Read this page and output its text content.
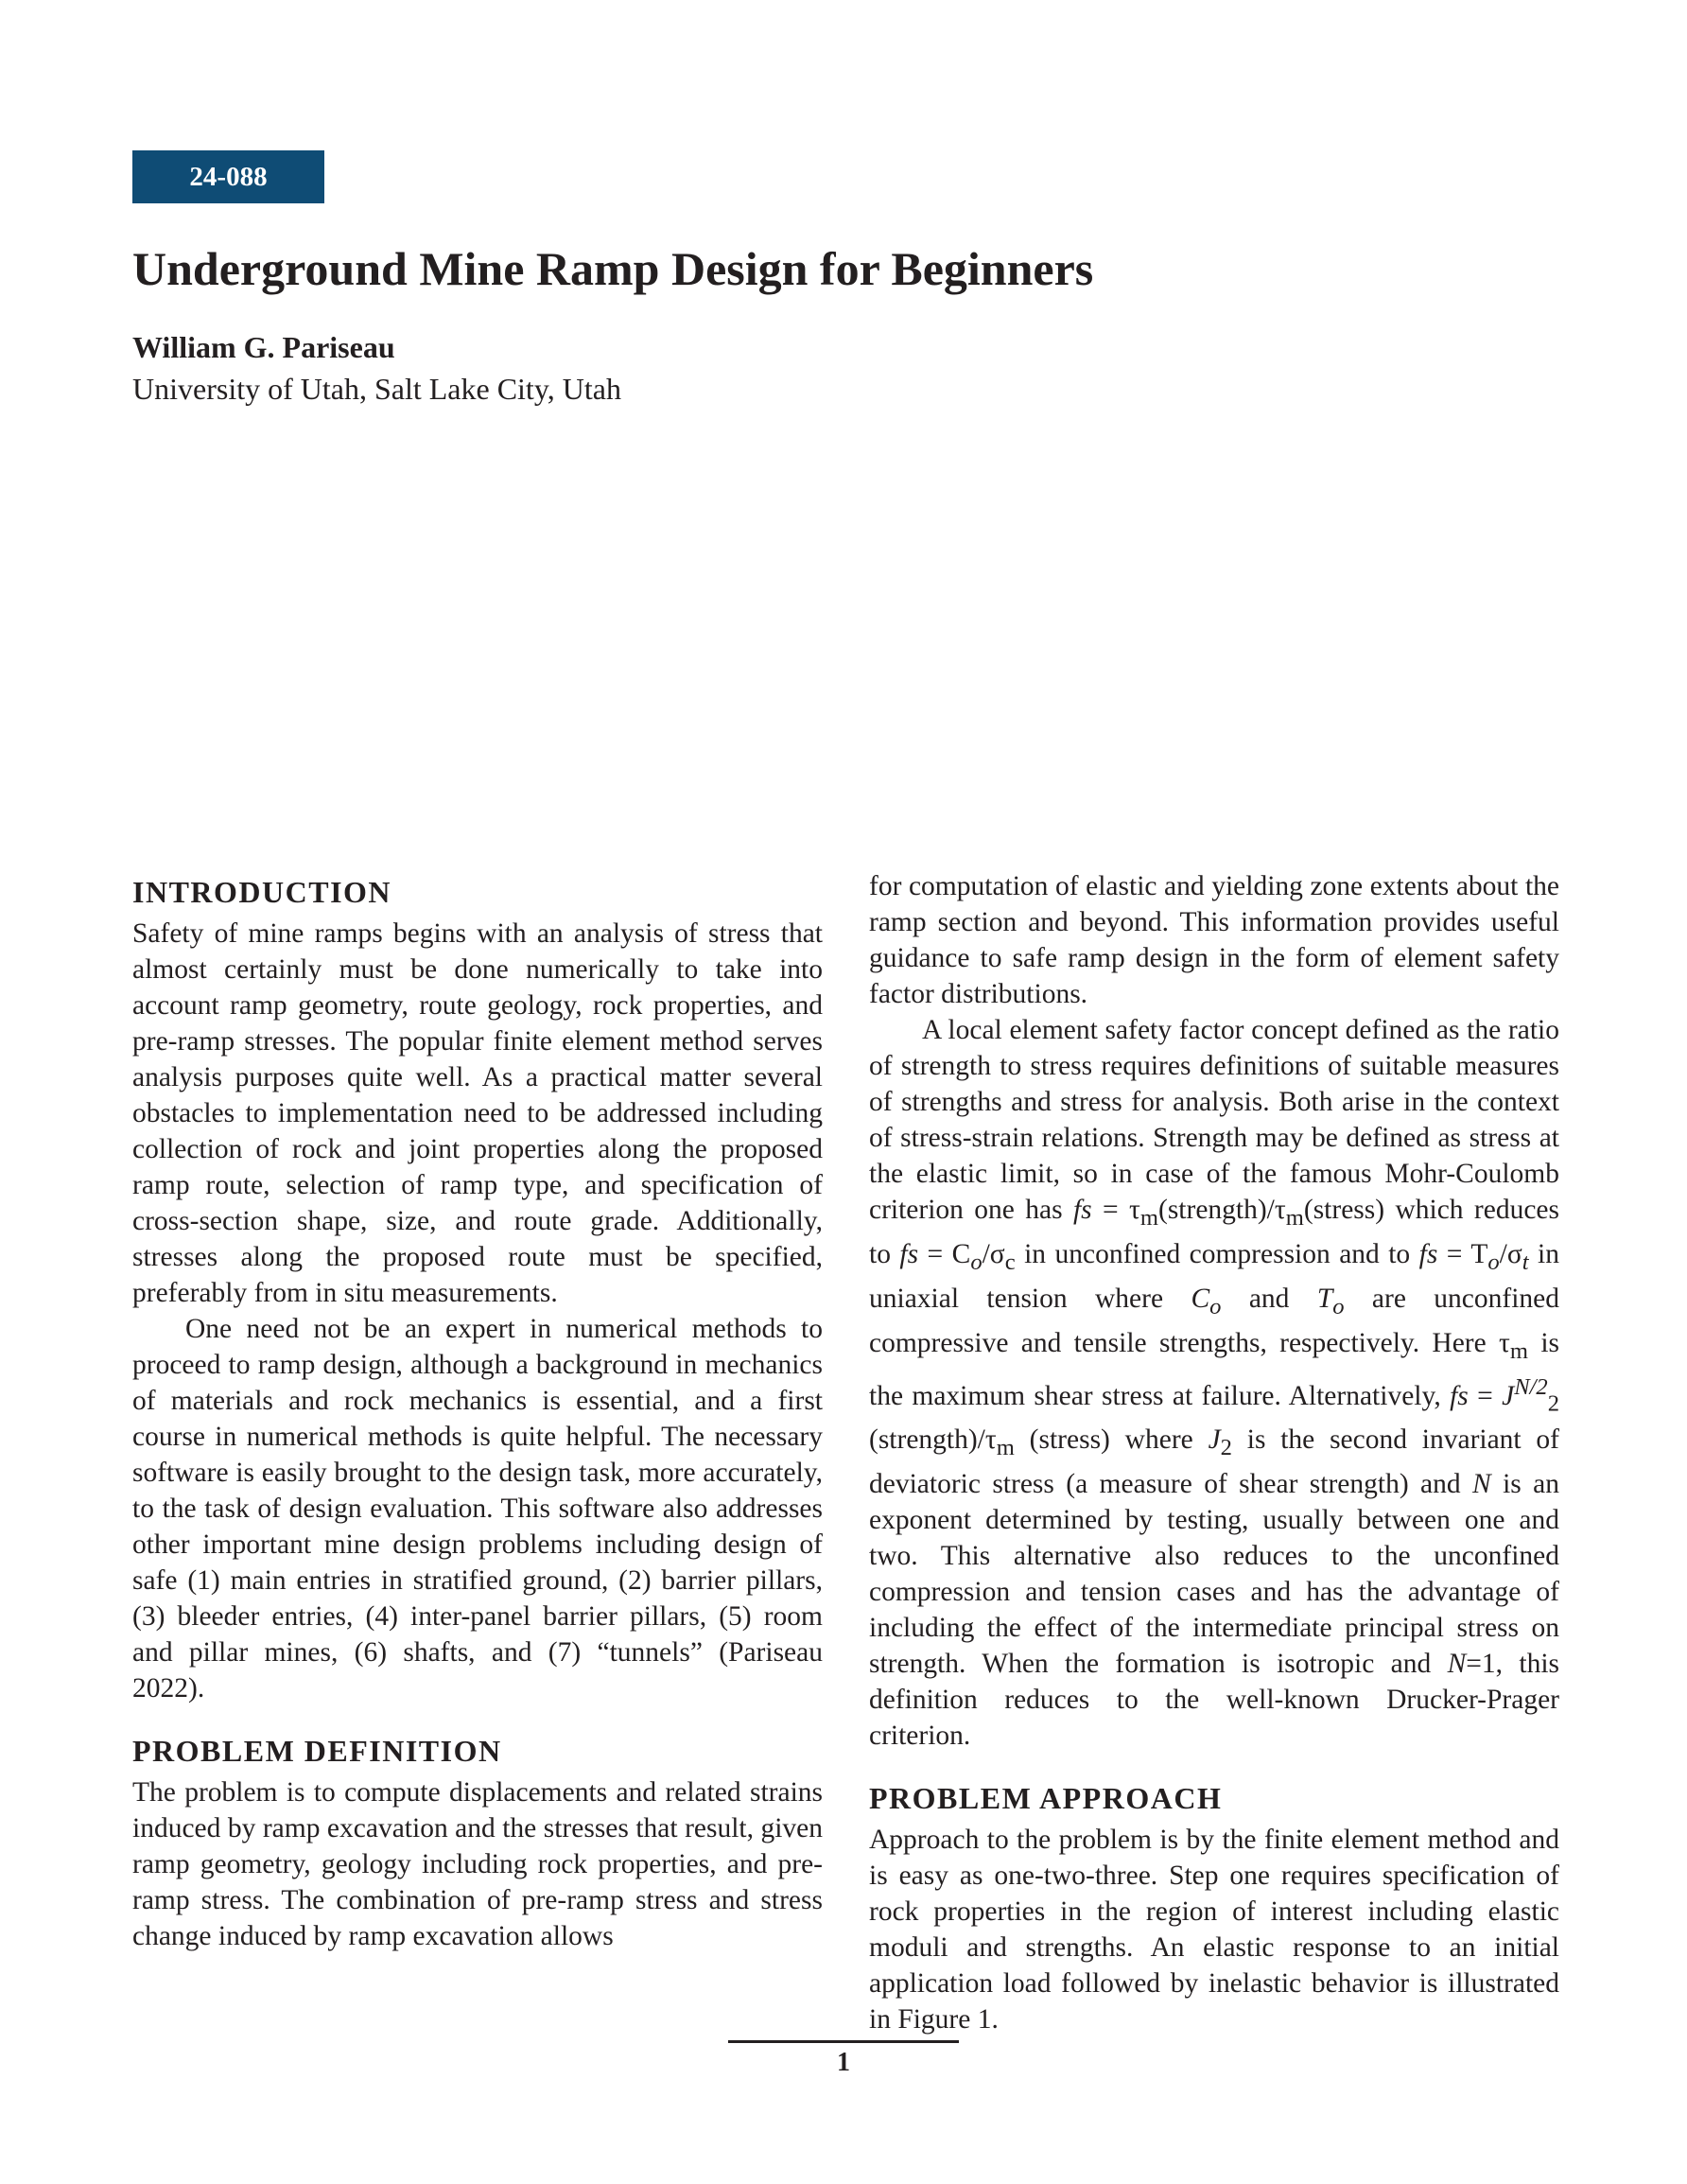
24-088
Underground Mine Ramp Design for Beginners

William G. Pariseau

University of Utah, Salt Lake City, Utah

INTRODUCTION

Safety of mine ramps begins with an analysis of stress that almost certainly must be done numerically to take into account ramp geometry, route geology, rock properties, and pre-ramp stresses. The popular finite element method serves analysis purposes quite well. As a practical matter several obstacles to implementation need to be addressed including collection of rock and joint properties along the proposed ramp route, selection of ramp type, and specification of cross-section shape, size, and route grade. Additionally, stresses along the proposed route must be specified, preferably from in situ measurements.

One need not be an expert in numerical methods to proceed to ramp design, although a background in mechanics of materials and rock mechanics is essential, and a first course in numerical methods is quite helpful. The necessary software is easily brought to the design task, more accurately, to the task of design evaluation. This software also addresses other important mine design problems including design of safe (1) main entries in stratified ground, (2) barrier pillars, (3) bleeder entries, (4) inter-panel barrier pillars, (5) room and pillar mines, (6) shafts, and (7) “tunnels” (Pariseau 2022).

PROBLEM DEFINITION

The problem is to compute displacements and related strains induced by ramp excavation and the stresses that result, given ramp geometry, geology including rock properties, and pre-ramp stress. The combination of pre-ramp stress and stress change induced by ramp excavation allows

for computation of elastic and yielding zone extents about the ramp section and beyond. This information provides useful guidance to safe ramp design in the form of element safety factor distributions.

A local element safety factor concept defined as the ratio of strength to stress requires definitions of suitable measures of strengths and stress for analysis. Both arise in the context of stress-strain relations. Strength may be defined as stress at the elastic limit, so in case of the famous Mohr-Coulomb criterion one has fs = $\tau_m(strength)/\tau_m(stress)$ which reduces to fs = $C_o/\sigma_c$ in unconfined compression and to fs = $T_o/\sigma_t$ in uniaxial tension where $C_o$ and $T_o$ are unconfined compressive and tensile strengths, respectively. Here $\tau_m$ is the maximum shear stress at failure. Alternatively, fs = $J^{N/2}_2$ $(strength)/\tau_m$ (stress) where $J_2$ is the second invariant of deviatoric stress (a measure of shear strength) and N is an exponent determined by testing, usually between one and two. This alternative also reduces to the unconfined compression and tension cases and has the advantage of including the effect of the intermediate principal stress on strength. When the formation is isotropic and N=1, this definition reduces to the well-known Drucker-Prager criterion.

PROBLEM APPROACH

Approach to the problem is by the finite element method and is easy as one-two-three. Step one requires specification of rock properties in the region of interest including elastic moduli and strengths. An elastic response to an initial application load followed by inelastic behavior is illustrated in Figure 1.

1
